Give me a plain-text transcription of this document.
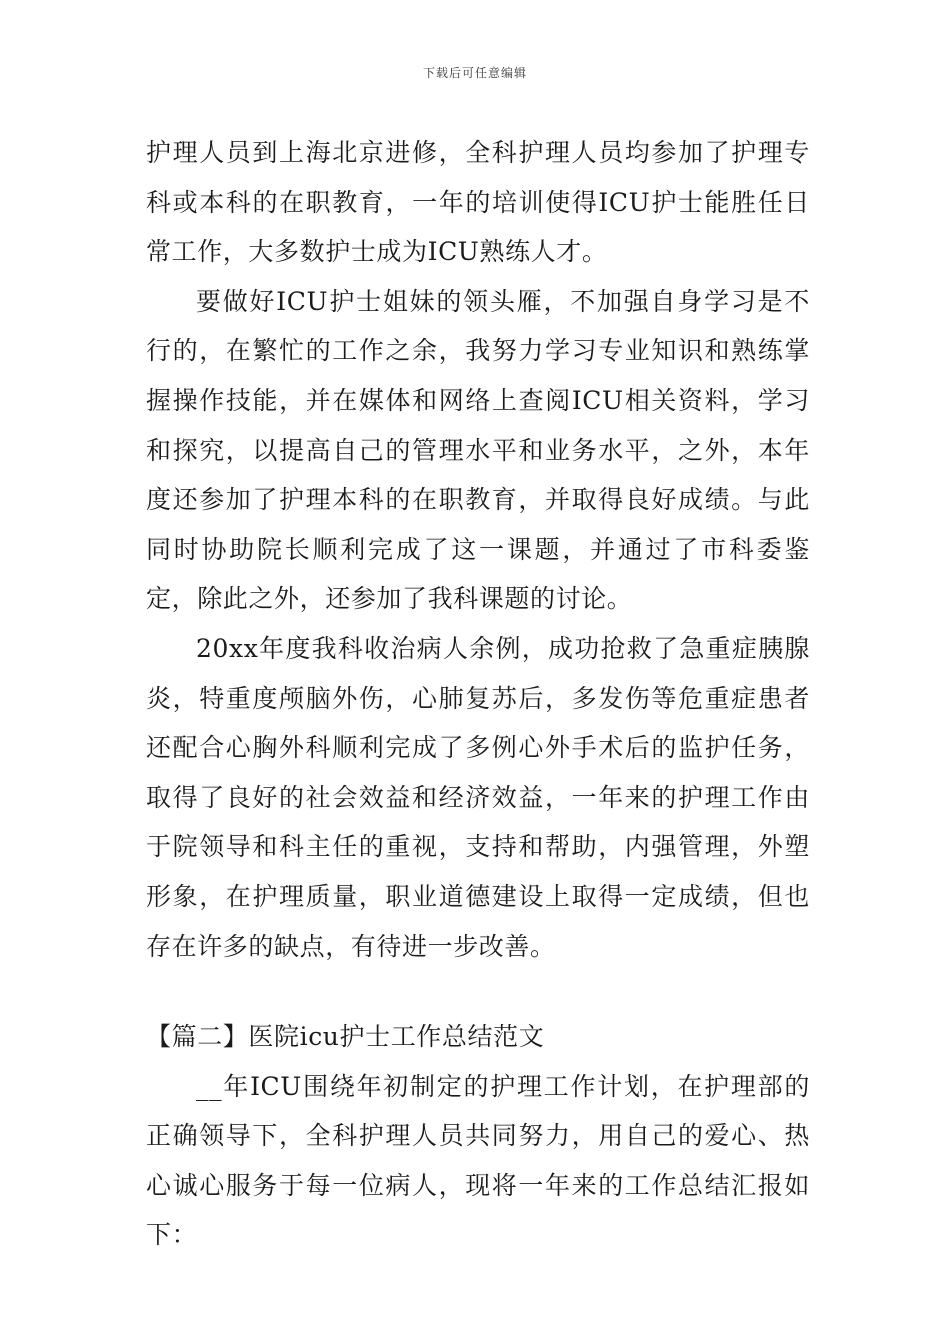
下载后可任意编辑

护理人员到上海北京进修，全科护理人员均参加了护理专科或本科的在职教育，一年的培训使得ICU护士能胜任日常工作，大多数护士成为ICU熟练人才。

要做好ICU护士姐妹的领头雁，不加强自身学习是不行的，在繁忙的工作之余，我努力学习专业知识和熟练掌握操作技能，并在媒体和网络上查阅ICU相关资料，学习和探究，以提高自己的管理水平和业务水平，之外，本年度还参加了护理本科的在职教育，并取得良好成绩。与此同时协助院长顺利完成了这一课题，并通过了市科委鉴定，除此之外，还参加了我科课题的讨论。

20xx年度我科收治病人余例，成功抢救了急重症胰腺炎，特重度颅脑外伤，心肺复苏后，多发伤等危重症患者还配合心胸外科顺利完成了多例心外手术后的监护任务，取得了良好的社会效益和经济效益，一年来的护理工作由于院领导和科主任的重视，支持和帮助，内强管理，外塑形象，在护理质量，职业道德建设上取得一定成绩，但也存在许多的缺点，有待进一步改善。

【篇二】医院icu护士工作总结范文

__年ICU围绕年初制定的护理工作计划，在护理部的正确领导下，全科护理人员共同努力，用自己的爱心、热心诚心服务于每一位病人，现将一年来的工作总结汇报如下：
